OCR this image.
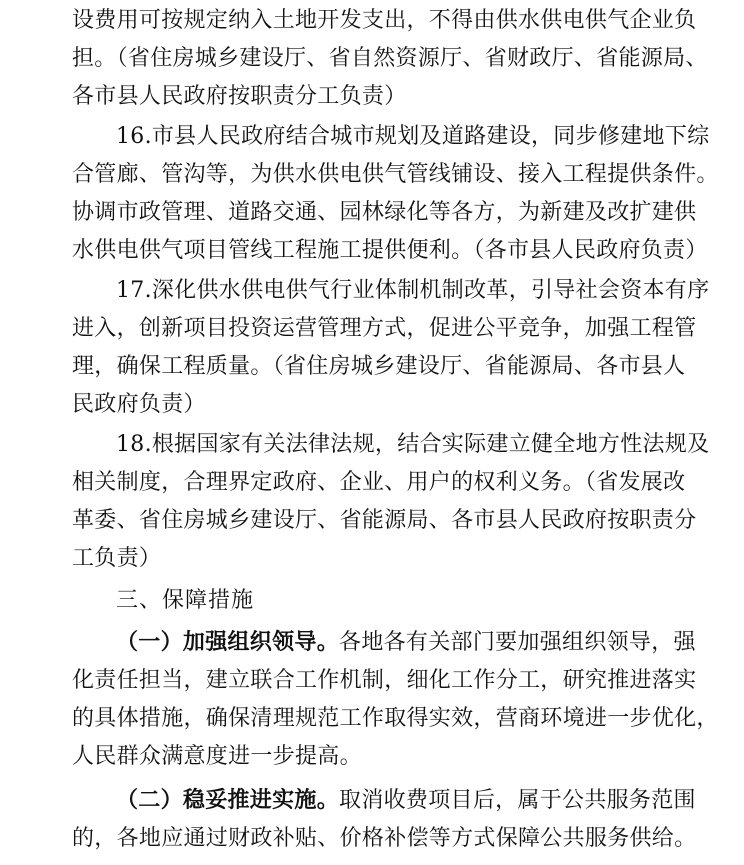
设费用可按规定纳入土地开发支出，不得由供水供电供气企业负
担。（省住房城乡建设厅、省自然资源厅、省财政厅、省能源局、
各市县人民政府按职责分工负责）
16.市县人民政府结合城市规划及道路建设，同步修建地下综
合管廊、管沟等，为供水供电供气管线铺设、接入工程提供条件。
协调市政管理、道路交通、园林绿化等各方，为新建及改扩建供
水供电供气项目管线工程施工提供便利。（各市县人民政府负责）
17.深化供水供电供气行业体制机制改革，引导社会资本有序
进入，创新项目投资运营管理方式，促进公平竞争，加强工程管
理，确保工程质量。（省住房城乡建设厅、省能源局、各市县人
民政府负责）
18.根据国家有关法律法规，结合实际建立健全地方性法规及
相关制度，合理界定政府、企业、用户的权利义务。（省发展改
革委、省住房城乡建设厅、省能源局、各市县人民政府按职责分
工负责）
三、保障措施
（一）加强组织领导。各地各有关部门要加强组织领导，强
化责任担当，建立联合工作机制，细化工作分工，研究推进落实
的具体措施，确保清理规范工作取得实效，营商环境进一步优化，
人民群众满意度进一步提高。
（二）稳妥推进实施。取消收费项目后，属于公共服务范围
的，各地应通过财政补贴、价格补偿等方式保障公共服务供给。
